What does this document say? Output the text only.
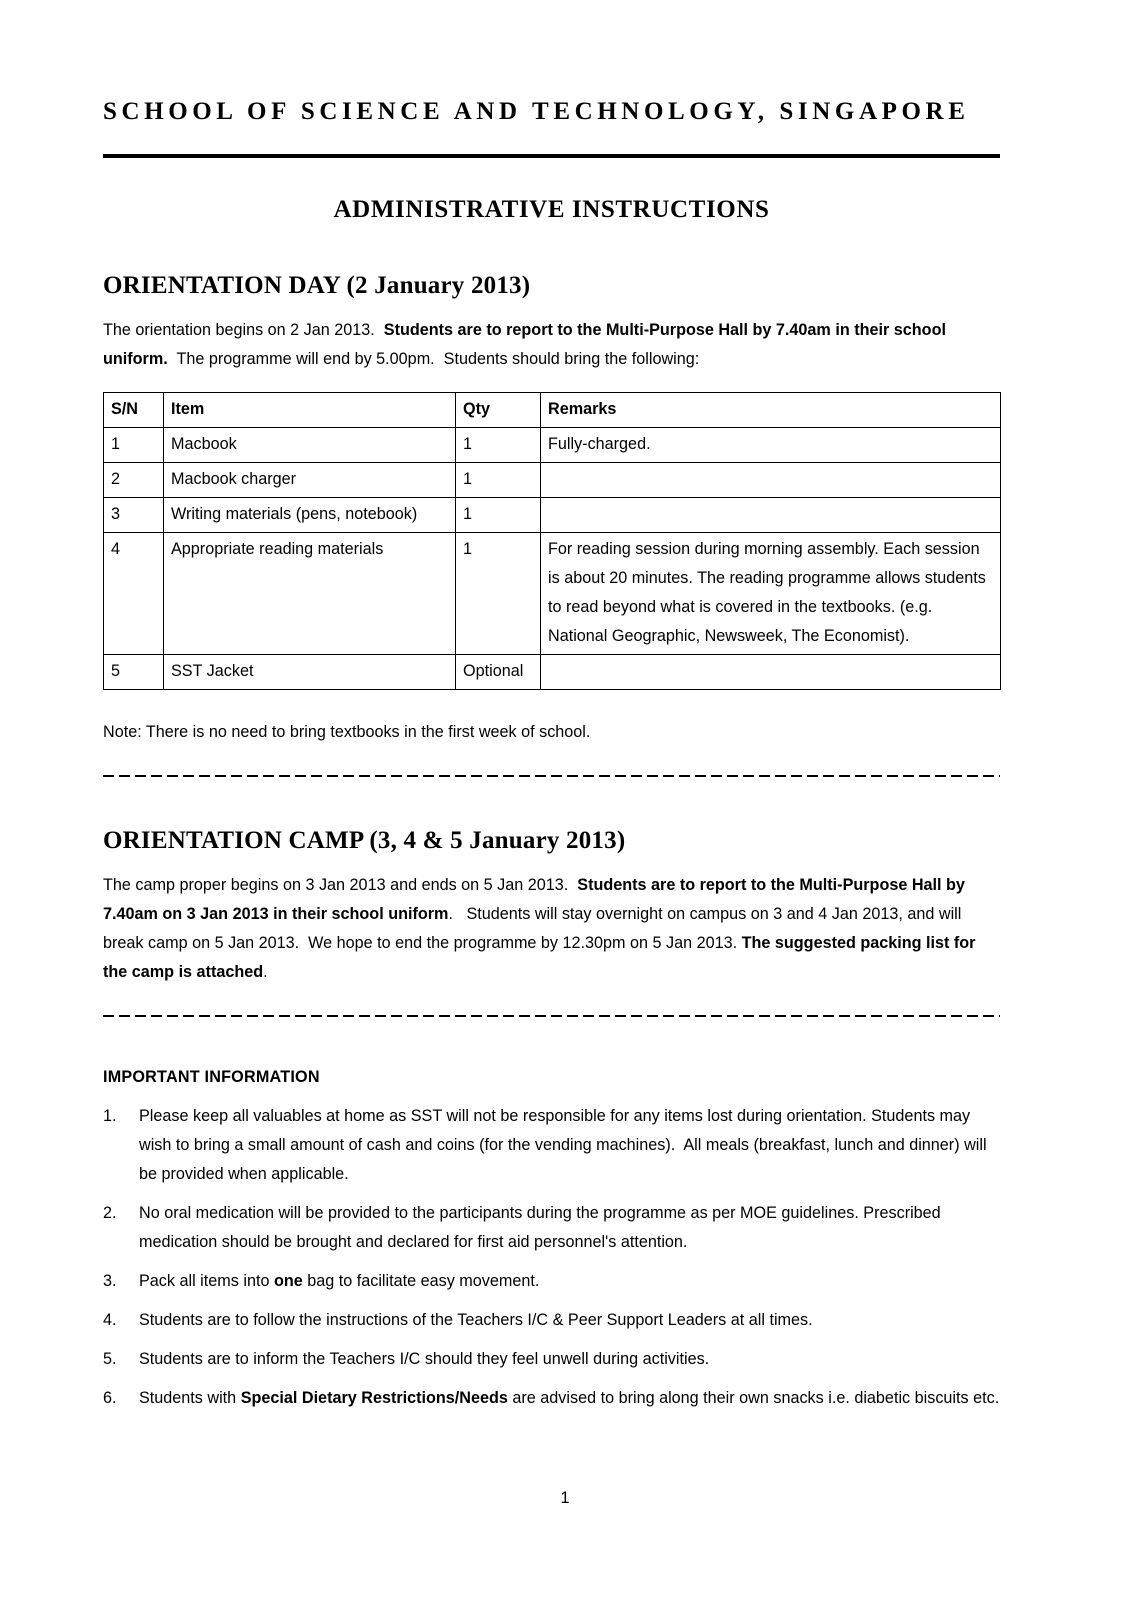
SCHOOL OF SCIENCE AND TECHNOLOGY, SINGAPORE
ADMINISTRATIVE INSTRUCTIONS
ORIENTATION DAY (2 January 2013)
The orientation begins on 2 Jan 2013.  Students are to report to the Multi-Purpose Hall by 7.40am in their school uniform.  The programme will end by 5.00pm.  Students should bring the following:
S/N	Item	Qty	Remarks
1	Macbook	1	Fully-charged.
2	Macbook charger	1	
3	Writing materials (pens, notebook)	1	
4	Appropriate reading materials	1	For reading session during morning assembly. Each session is about 20 minutes. The reading programme allows students to read beyond what is covered in the textbooks. (e.g. National Geographic, Newsweek, The Economist).
5	SST Jacket	Optional	
Note: There is no need to bring textbooks in the first week of school.
ORIENTATION CAMP (3, 4 & 5 January 2013)
The camp proper begins on 3 Jan 2013 and ends on 5 Jan 2013.  Students are to report to the Multi-Purpose Hall by 7.40am on 3 Jan 2013 in their school uniform.   Students will stay overnight on campus on 3 and 4 Jan 2013, and will break camp on 5 Jan 2013.  We hope to end the programme by 12.30pm on 5 Jan 2013. The suggested packing list for the camp is attached.
IMPORTANT INFORMATION
1.	Please keep all valuables at home as SST will not be responsible for any items lost during orientation. Students may wish to bring a small amount of cash and coins (for the vending machines).  All meals (breakfast, lunch and dinner) will be provided when applicable.
2.	No oral medication will be provided to the participants during the programme as per MOE guidelines. Prescribed medication should be brought and declared for first aid personnel's attention.
3.	Pack all items into one bag to facilitate easy movement.
4.	Students are to follow the instructions of the Teachers I/C & Peer Support Leaders at all times.
5.	Students are to inform the Teachers I/C should they feel unwell during activities.
6.	Students with Special Dietary Restrictions/Needs are advised to bring along their own snacks i.e. diabetic biscuits etc.
1
